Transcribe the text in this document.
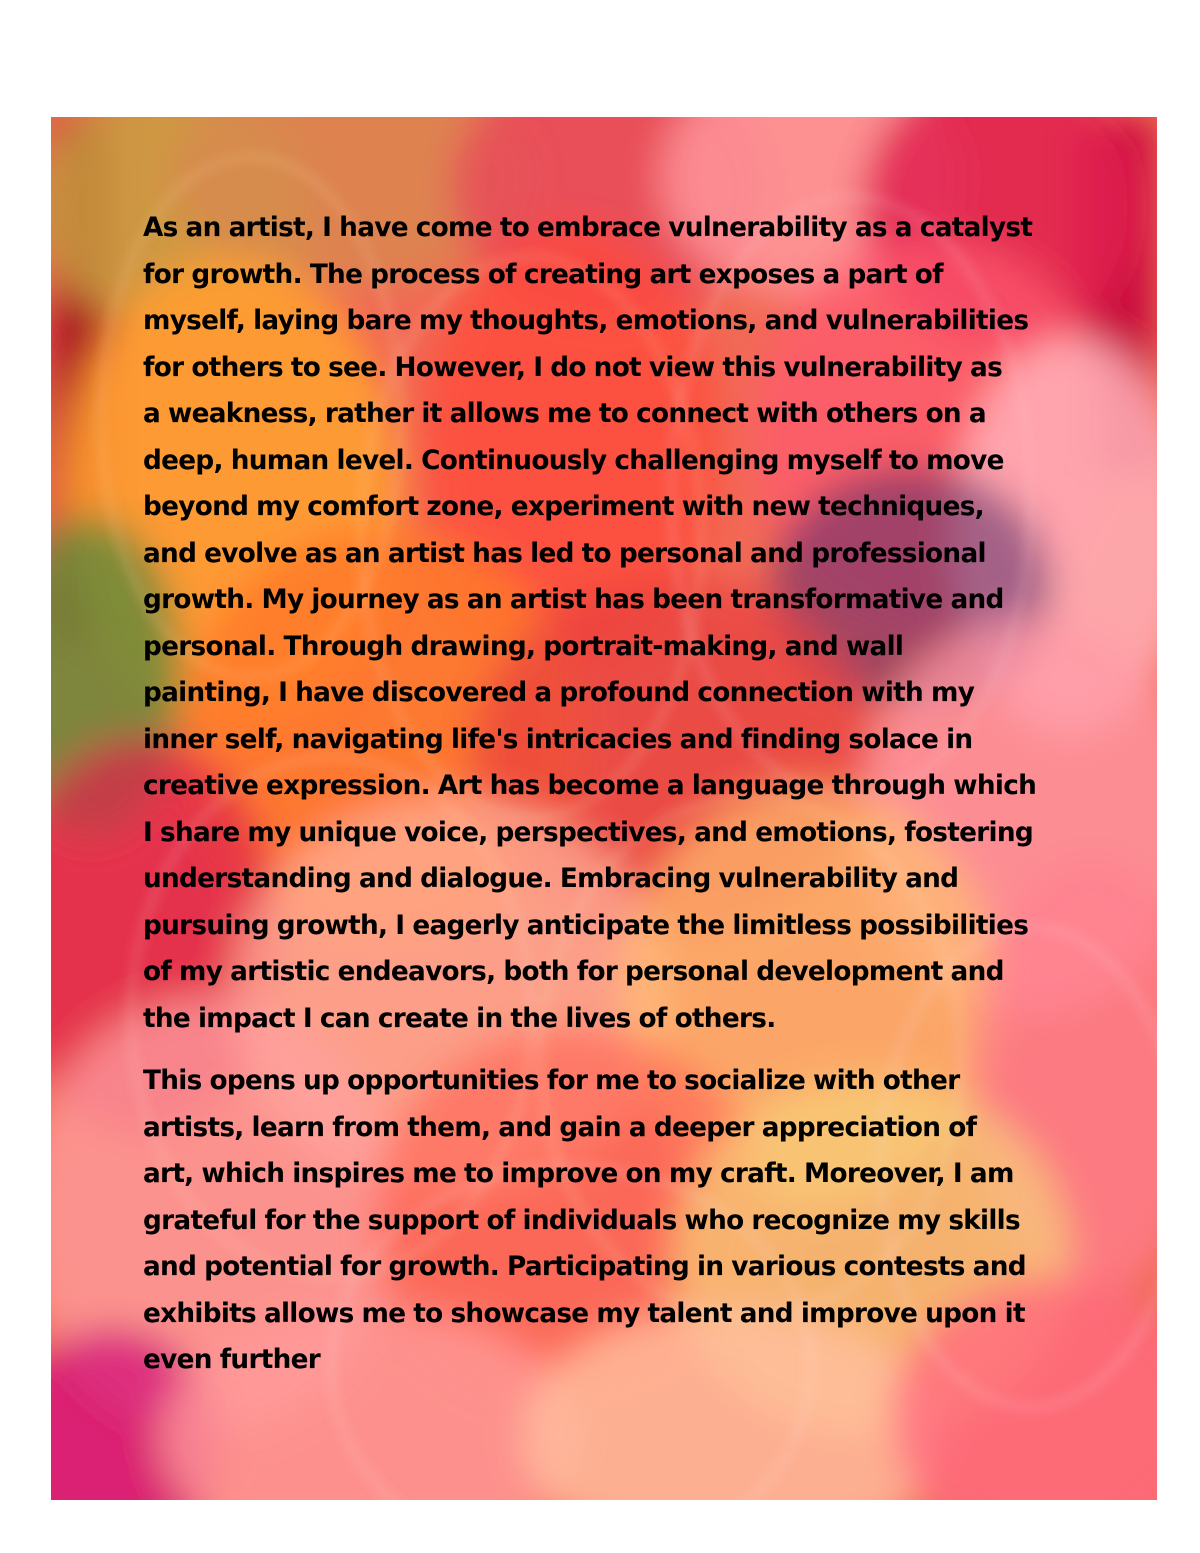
As an artist, I have come to embrace vulnerability as a catalyst
for growth. The process of creating art exposes a part of
myself, laying bare my thoughts, emotions, and vulnerabilities
for others to see. However, I do not view this vulnerability as
a weakness, rather it allows me to connect with others on a
deep, human level. Continuously challenging myself to move
beyond my comfort zone, experiment with new techniques,
and evolve as an artist has led to personal and professional
growth. My journey as an artist has been transformative and
personal. Through drawing, portrait-making, and wall
painting, I have discovered a profound connection with my
inner self, navigating life's intricacies and finding solace in
creative expression. Art has become a language through which
I share my unique voice, perspectives, and emotions, fostering
understanding and dialogue. Embracing vulnerability and
pursuing growth, I eagerly anticipate the limitless possibilities
of my artistic endeavors, both for personal development and
the impact I can create in the lives of others.

This opens up opportunities for me to socialize with other
artists, learn from them, and gain a deeper appreciation of
art, which inspires me to improve on my craft. Moreover, I am
grateful for the support of individuals who recognize my skills
and potential for growth. Participating in various contests and
exhibits allows me to showcase my talent and improve upon it
even further
